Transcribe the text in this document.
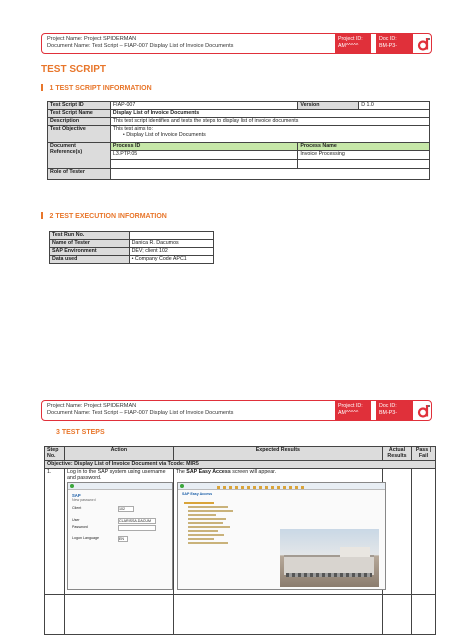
Project Name: Project SPIDERMAN
Document Name: Test Script – FIAP-007 Display List of Invoice Documents
Project ID:
AM^^^^^
Doc ID:
BM-P3-
TEST SCRIPT
1 TEST SCRIPT INFORMATION
Test Script ID	FIAP-007	Version	D 1.0
Test Script Name	Display List of Invoice Documents		
Description	This test script identifies and tests the steps to display list of invoice documents		
Test Objective	This test aims to:
• Display List of Invoice Documents		

Document Reference(s)	Process ID	Process Name	
	L3.PTP.05	Invoice Processing	

Role of Tester			
2 TEST EXECUTION INFORMATION
Test Run No.	
Name of Tester	Danica R. Dacumos
SAP Environment	DEV; client 102
Data used	• Company Code APC1
Project Name: Project SPIDERMAN
Document Name: Test Script – FIAP-007 Display List of Invoice Documents
Project ID:
AM^^^^^
Doc ID:
BM-P3-
3 TEST STEPS
Step No.	Action	Expected Results	Actual Results	Pass | Fail
Objective: Display List of Invoice Document via Tcode: MIR5				
1.	Log in to the SAP system using username and password.	The SAP Easy Access screen will appear.		

SAP
New password
Client	102
User	CLARISSA.DACUM
Password
Logon Language	EN

SAP Easy Access
